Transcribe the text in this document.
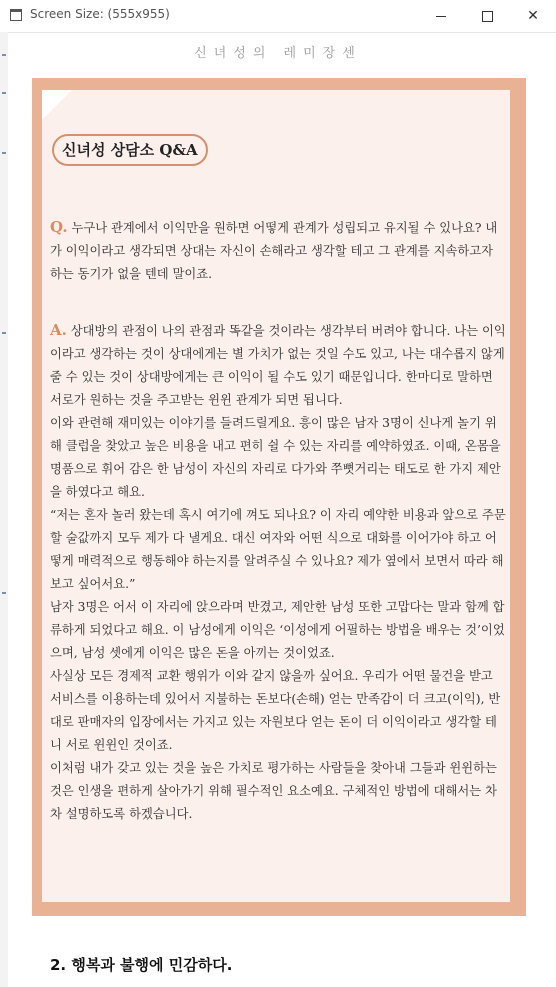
Screen Size: (555x955)	✕
신녀성의 레미장센
신녀성 상담소 Q&A

Q. 누구나 관계에서 이익만을 원하면 어떻게 관계가 성립되고 유지될 수 있나요? 내가 이익이라고 생각되면 상대는 자신이 손해라고 생각할 테고 그 관계를 지속하고자 하는 동기가 없을 텐데 말이죠.

A. 상대방의 관점이 나의 관점과 똑같을 것이라는 생각부터 버려야 합니다. 나는 이익이라고 생각하는 것이 상대에게는 별 가치가 없는 것일 수도 있고, 나는 대수롭지 않게 줄 수 있는 것이 상대방에게는 큰 이익이 될 수도 있기 때문입니다. 한마디로 말하면 서로가 원하는 것을 주고받는 윈윈 관계가 되면 됩니다.
이와 관련해 재미있는 이야기를 들려드릴게요. 흥이 많은 남자 3명이 신나게 놀기 위해 클럽을 찾았고 높은 비용을 내고 편히 쉴 수 있는 자리를 예약하였죠. 이때, 온몸을 명품으로 휘어 감은 한 남성이 자신의 자리로 다가와 쭈뼛거리는 태도로 한 가지 제안을 하였다고 해요.
“저는 혼자 놀러 왔는데 혹시 여기에 껴도 되나요? 이 자리 예약한 비용과 앞으로 주문할 술값까지 모두 제가 다 낼게요. 대신 여자와 어떤 식으로 대화를 이어가야 하고 어떻게 매력적으로 행동해야 하는지를 알려주실 수 있나요? 제가 옆에서 보면서 따라 해보고 싶어서요.”
남자 3명은 어서 이 자리에 앉으라며 반겼고, 제안한 남성 또한 고맙다는 말과 함께 합류하게 되었다고 해요. 이 남성에게 이익은 ‘이성에게 어필하는 방법을 배우는 것’이었으며, 남성 셋에게 이익은 많은 돈을 아끼는 것이었죠.
사실상 모든 경제적 교환 행위가 이와 같지 않을까 싶어요. 우리가 어떤 물건을 받고 서비스를 이용하는데 있어서 지불하는 돈보다(손해) 얻는 만족감이 더 크고(이익), 반대로 판매자의 입장에서는 가지고 있는 자원보다 얻는 돈이 더 이익이라고 생각할 테니 서로 윈윈인 것이죠.
이처럼 내가 갖고 있는 것을 높은 가치로 평가하는 사람들을 찾아내 그들과 윈윈하는 것은 인생을 편하게 살아가기 위해 필수적인 요소예요. 구체적인 방법에 대해서는 차차 설명하도록 하겠습니다.
2. 행복과 불행에 민감하다.
